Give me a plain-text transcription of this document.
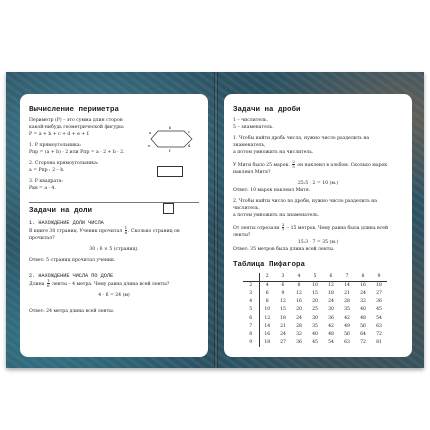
Вычисление периметра
Периметр (P) – это сумма длин сторон
какой-нибудь геометрической фигуры:
P = a + b + c + d + e + f.
1. P прямоугольника:
Pпр = (a + b) · 2 или Pпр = a · 2 + b · 2.
2. Сторона прямоугольника:
a = Pпр : 2 – b.
3. P квадрата:
Pкв = a · 4.
b
c
d
f
e
a
Задачи на доли
1. НАХОЖДЕНИЕ ДОЛИ ЧИСЛА
В книге 30 страниц. Ученик прочитал $\frac{1}{6}$ . Сколько страниц он прочитал?
30 : 6 × 5 (страниц).
Ответ: 5 страниц прочитал ученик.
2. НАХОЖДЕНИЕ ЧИСЛА ПО ДОЛЕ
Длина $\frac{1}{6}$ ленты – 4 метра. Чему равна длина всей ленты?
4 · 6 = 24 (м)
Ответ: 24 метра длина всей ленты.
Задачи на дроби
1 – числитель.
5 – знаменатель.
1. Чтобы найти дробь числа, нужно число разделить на знаменатель,
а потом умножить на числитель.
У Мити было 25 марок. $\frac{2}{5}$ он наклеил в альбом. Сколько марок
наклеил Митя?
25:5 · 2 = 10 (м.)
Ответ: 10 марок наклеил Митя.
2. Чтобы найти число по дроби, нужно число разделить на числитель,
а потом умножить на знаменатель.
От ленты отрезали $\frac{3}{7} - 15$ метров. Чему равна была длина всей ленты?
15:3 · 7 = 35 (м.)
Ответ: 35 метров была длина всей ленты.
Таблица Пифагора
	2	3	4	5	6	7	8	9
2	4	6	8	10	12	14	16	18
3	6	9	12	15	18	21	24	27
4	8	12	16	20	24	28	32	36
5	10	15	20	25	30	35	40	45
6	12	18	24	30	36	42	48	54
7	14	21	28	35	42	49	56	63
8	16	24	32	40	48	56	64	72
9	18	27	36	45	54	63	72	81
